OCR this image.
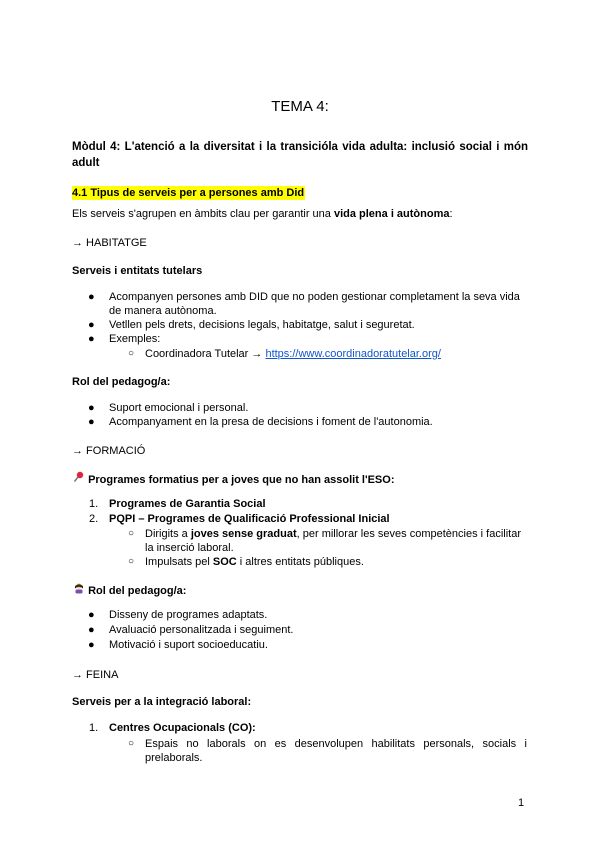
TEMA 4:
Mòdul 4: L'atenció a la diversitat i la transicióla vida adulta: inclusió social i món adult
4.1 Tipus de serveis per a persones amb Did
Els serveis s'agrupen en àmbits clau per garantir una vida plena i autònoma:
→ HABITATGE
Serveis i entitats tutelars
● Acompanyen persones amb DID que no poden gestionar completament la seva vida de manera autònoma.
● Vetllen pels drets, decisions legals, habitatge, salut i seguretat.
● Exemples:
○ Coordinadora Tutelar → https://www.coordinadoratutelar.org/
Rol del pedagog/a:
● Suport emocional i personal.
● Acompanyament en la presa de decisions i foment de l'autonomia.
→ FORMACIÓ
Programes formatius per a joves que no han assolit l'ESO:
1. Programes de Garantia Social
2. PQPI – Programes de Qualificació Professional Inicial
○ Dirigits a joves sense graduat, per millorar les seves competències i facilitar la inserció laboral.
○ Impulsats pel SOC i altres entitats públiques.
Rol del pedagog/a:
● Disseny de programes adaptats.
● Avaluació personalitzada i seguiment.
● Motivació i suport socioeducatiu.
→ FEINA
Serveis per a la integració laboral:
1. Centres Ocupacionals (CO):
○ Espais no laborals on es desenvolupen habilitats personals, socials i prelaborals.
1
